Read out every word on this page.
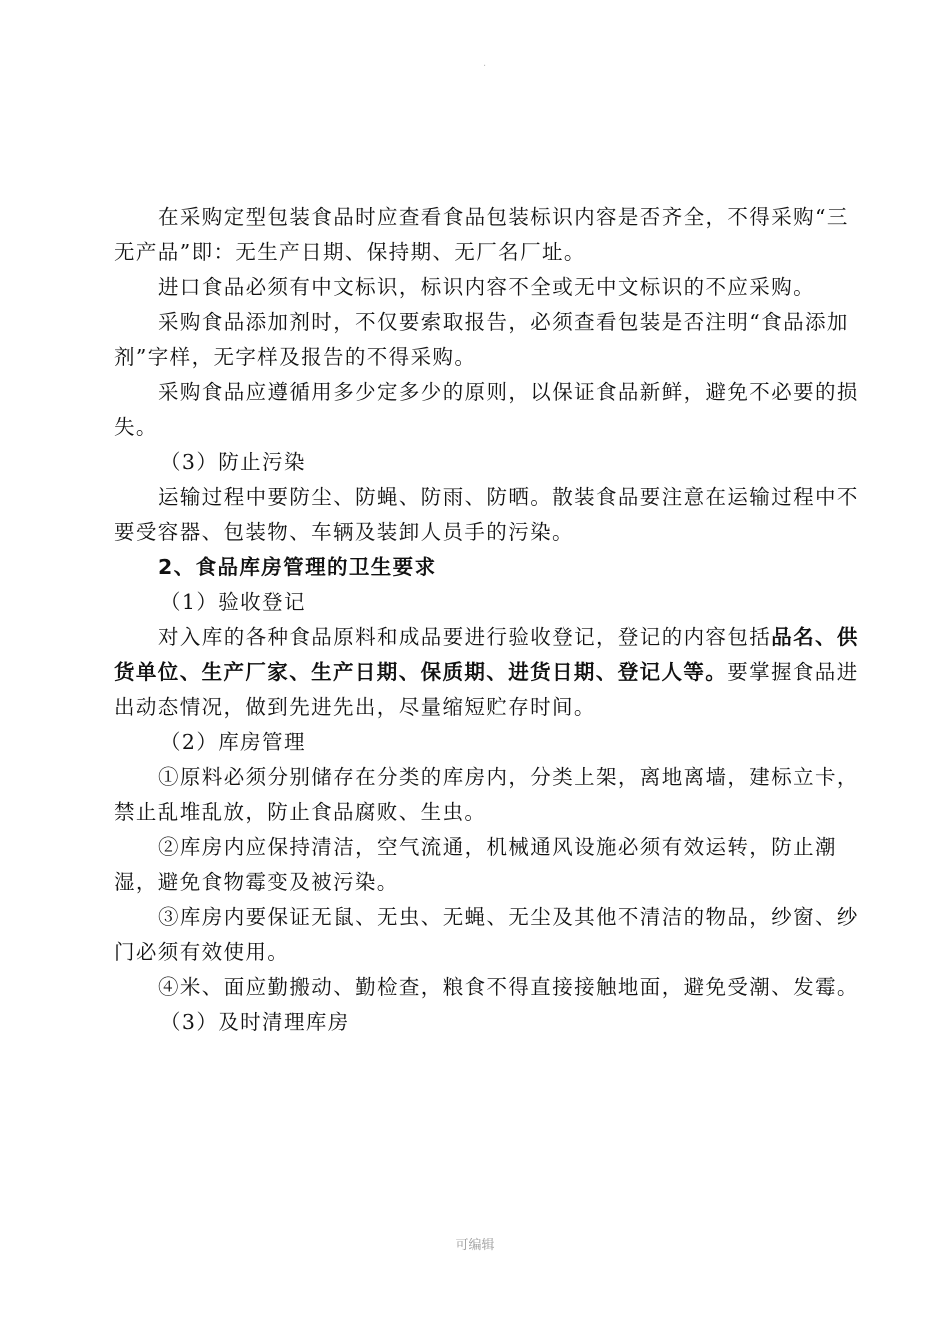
.

在采购定型包装食品时应查看食品包装标识内容是否齐全，不得采购“三无产品”即：无生产日期、保持期、无厂名厂址。

进口食品必须有中文标识，标识内容不全或无中文标识的不应采购。

采购食品添加剂时，不仅要索取报告，必须查看包装是否注明“食品添加剂”字样，无字样及报告的不得采购。

采购食品应遵循用多少定多少的原则，以保证食品新鲜，避免不必要的损失。

（3）防止污染

运输过程中要防尘、防蝇、防雨、防晒。散装食品要注意在运输过程中不要受容器、包装物、车辆及装卸人员手的污染。

2、食品库房管理的卫生要求

（1）验收登记

对入库的各种食品原料和成品要进行验收登记，登记的内容包括品名、供货单位、生产厂家、生产日期、保质期、进货日期、登记人等。要掌握食品进出动态情况，做到先进先出，尽量缩短贮存时间。

（2）库房管理

①原料必须分别储存在分类的库房内，分类上架，离地离墙，建标立卡，禁止乱堆乱放，防止食品腐败、生虫。

②库房内应保持清洁，空气流通，机械通风设施必须有效运转，防止潮湿，避免食物霉变及被污染。

③库房内要保证无鼠、无虫、无蝇、无尘及其他不清洁的物品，纱窗、纱门必须有效使用。

④米、面应勤搬动、勤检查，粮食不得直接接触地面，避免受潮、发霉。

（3）及时清理库房

可编辑
